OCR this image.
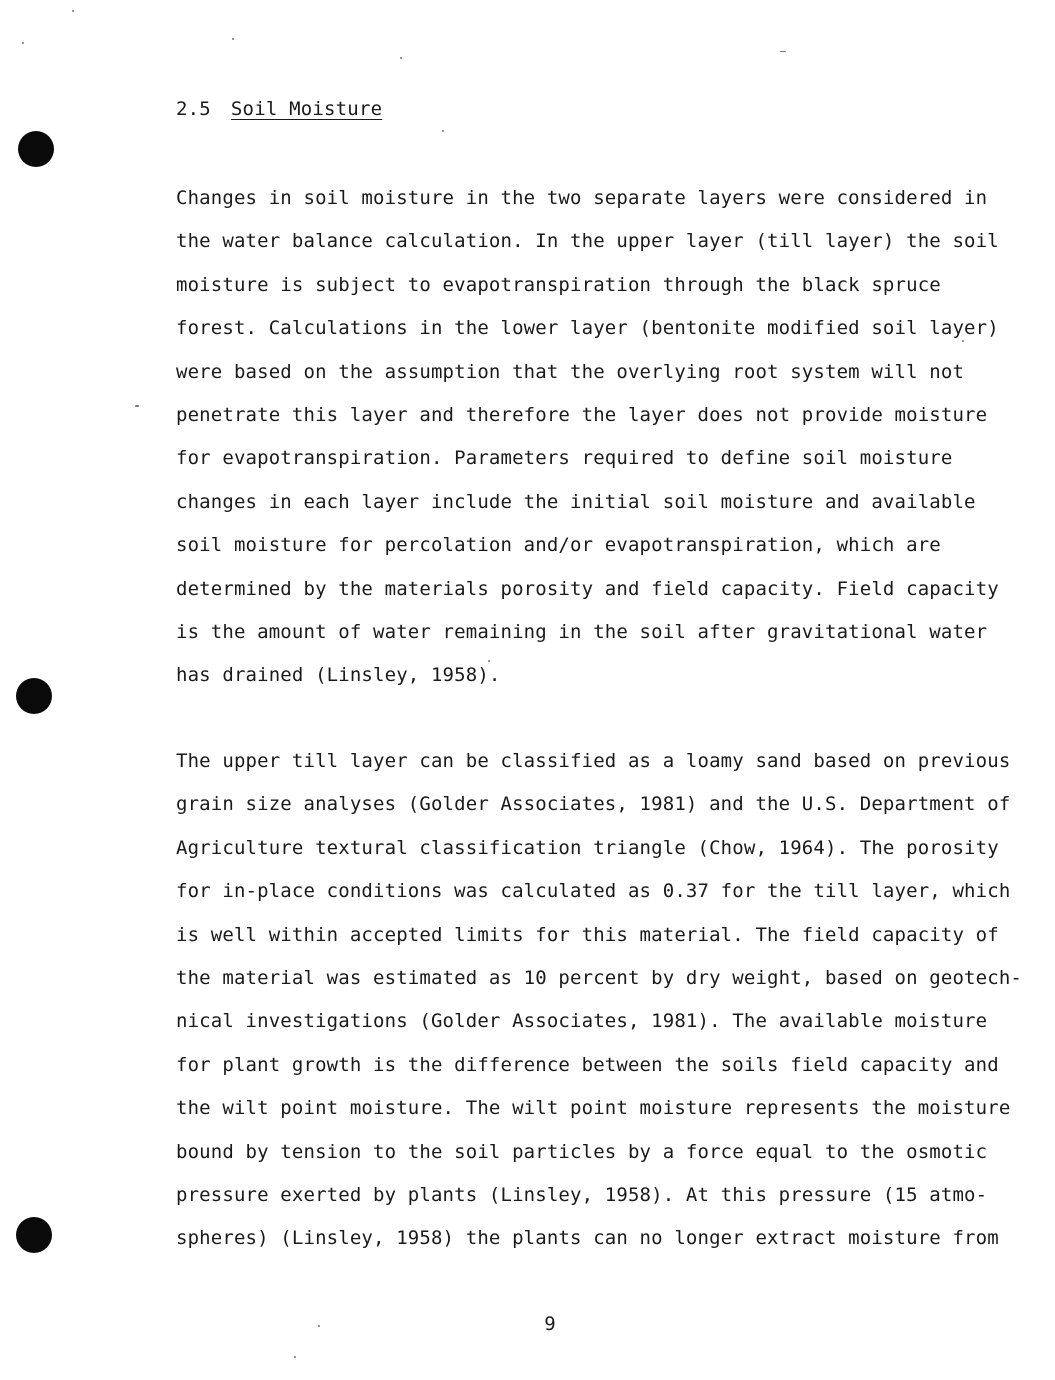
2.5 Soil Moisture
Changes in soil moisture in the two separate layers were considered in
the water balance calculation. In the upper layer (till layer) the soil
moisture is subject to evapotranspiration through the black spruce
forest. Calculations in the lower layer (bentonite modified soil layer)
were based on the assumption that the overlying root system will not
penetrate this layer and therefore the layer does not provide moisture
for evapotranspiration. Parameters required to define soil moisture
changes in each layer include the initial soil moisture and available
soil moisture for percolation and/or evapotranspiration, which are
determined by the materials porosity and field capacity. Field capacity
is the amount of water remaining in the soil after gravitational water
has drained (Linsley, 1958).
The upper till layer can be classified as a loamy sand based on previous
grain size analyses (Golder Associates, 1981) and the U.S. Department of
Agriculture textural classification triangle (Chow, 1964). The porosity
for in-place conditions was calculated as 0.37 for the till layer, which
is well within accepted limits for this material. The field capacity of
the material was estimated as 10 percent by dry weight, based on geotech-
nical investigations (Golder Associates, 1981). The available moisture
for plant growth is the difference between the soils field capacity and
the wilt point moisture. The wilt point moisture represents the moisture
bound by tension to the soil particles by a force equal to the osmotic
pressure exerted by plants (Linsley, 1958). At this pressure (15 atmo-
spheres) (Linsley, 1958) the plants can no longer extract moisture from
9
